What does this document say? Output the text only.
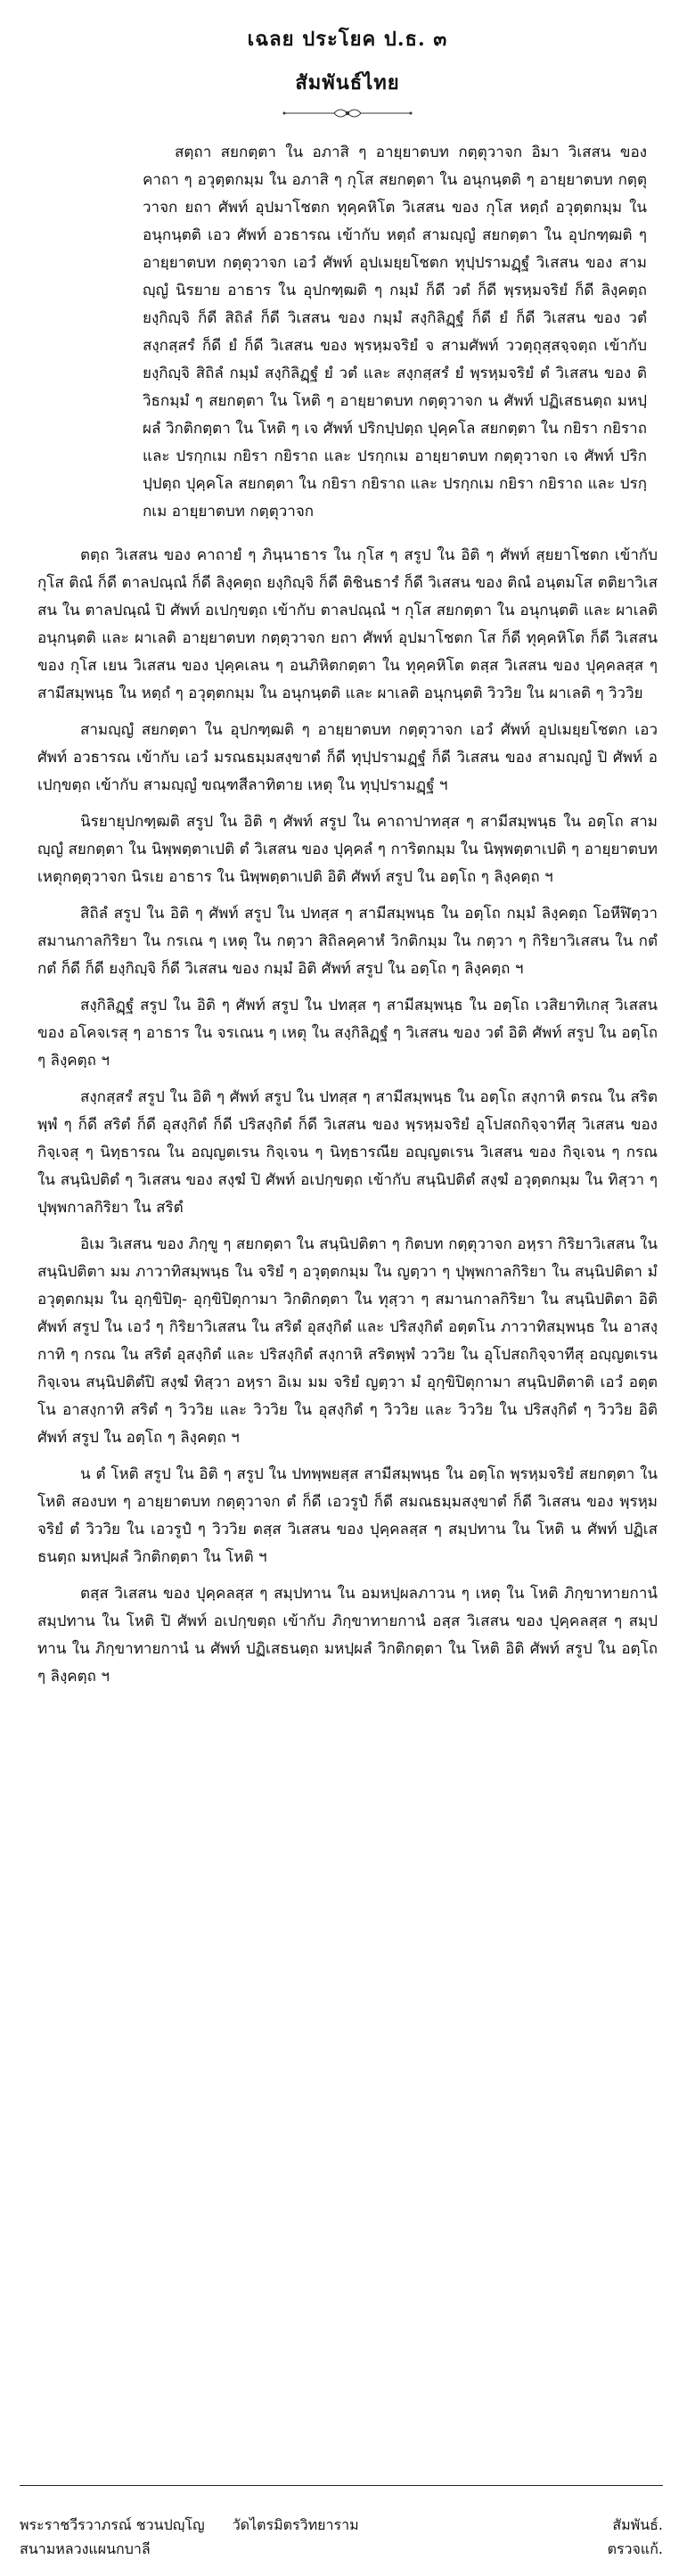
เฉลย ประโยค ป.ธ. ๓
สัมพันธ์ไทย

สตฺถา สยกตฺตา ใน อภาสิ ๆ อายฺยาตบท กตฺตุวาจก อิมา วิเสสน ของ คาถา ๆ อวุตฺตกมฺม ใน อภาสิ ๆ กุโส สยกตฺตา ใน อนุกนฺตติ ๆ อายฺยาตบท กตฺตุวาจก ยถา ศัพท์ อุปมาโชตก ทุคฺคหิโต วิเสสน ของ กุโส หตฺถํ อวุตฺตกมฺม ใน อนุกนฺตติ เอว ศัพท์ อวธารณ เข้ากับ หตฺถํ สามญฺญํ สยกตฺตา ใน อุปกฑฺฒติ ๆ อายฺยาตบท กตฺตุวาจก เอวํ ศัพท์ อุปเมยฺยโชตก ทุปฺปรามฏฺฐํ วิเสสน ของ สามญฺญํ นิรยาย อาธาร ใน อุปกฑฺฒติ ๆ กมฺมํ ก็ดี วตํ ก็ดี พฺรหฺมจริยํ ก็ดี ลิงฺคตฺถ ยงฺกิญฺจิ ก็ดี สิถิลํ ก็ดี วิเสสน ของ กมฺมํ สงฺกิลิฏฺฐํ ก็ดี ยํ ก็ดี วิเสสน ของ วตํ สงฺกสฺสรํ ก็ดี ยํ ก็ดี วิเสสน ของ พฺรหฺมจริยํ จ สามศัพท์ ววตฺถุสฺสจฺจตฺถ เข้ากับ ยงฺกิญฺจิ สิถิลํ กมฺมํ สงฺกิลิฏฺฐํ ยํ วตํ และ สงฺกสฺสรํ ยํ พฺรหฺมจริยํ ตํ วิเสสน ของ ติวิธกมฺมํ ๆ สยกตฺตา ใน โหติ ๆ อายฺยาตบท กตฺตุวาจก น ศัพท์ ปฏิเสธนตฺถ มหปฺผลํ วิกติกตฺตา ใน โหติ ๆ เจ ศัพท์ ปริกปฺปตฺถ ปุคฺคโล สยกตฺตา ใน กยิรา กยิราถ และ ปรกฺกเม กยิรา กยิราถ และ ปรกฺกเม อายฺยาตบท กตฺตุวาจก เจ ศัพท์ ปริกปฺปตฺถ ปุคฺคโล สยกตฺตา ใน กยิรา กยิราถ และ ปรกฺกเม กยิรา กยิราถ และ ปรกฺกเม อายฺยาตบท กตฺตุวาจก

ตตฺถ วิเสสน ของ คาถายํ ๆ ภินฺนาธาร ใน กุโส ๆ สรูป ใน อิติ ๆ ศัพท์ สฺยยาโชตก เข้ากับ กุโส ติณํ ก็ดี ตาลปณฺณํ ก็ดี ลิงฺคตฺถ ยงฺกิญฺจิ ก็ดี ติชินธารํ ก็ดี วิเสสน ของ ติณํ อนฺตมโส ตติยาวิเสสน ใน ตาลปณฺณํ ปิ ศัพท์ อเปกฺขตฺถ เข้ากับ ตาลปณฺณํ ฯ กุโส สยกตฺตา ใน อนุกนฺตติ และ ผาเลติ อนุกนฺตติ และ ผาเลติ อายฺยาตบท กตฺตุวาจก ยถา ศัพท์ อุปมาโชตก โส ก็ดี ทุคฺคหิโต ก็ดี วิเสสน ของ กุโส เยน วิเสสน ของ ปุคฺคเลน ๆ อนภิหิตกตฺตา ใน ทุคฺคหิโต ตสฺส วิเสสน ของ ปุคฺคลสฺส ๆ สามีสมฺพนฺธ ใน หตฺถํ ๆ อวุตฺตกมฺม ใน อนุกนฺตติ และ ผาเลติ อนุกนฺตติ วิววิย ใน ผาเลติ ๆ วิววิย

สามญฺญํ สยกตฺตา ใน อุปกฑฺฒติ ๆ อายฺยาตบท กตฺตุวาจก เอวํ ศัพท์ อุปเมยฺยโชตก เอว ศัพท์ อวธารณ เข้ากับ เอวํ มรณธมฺมสงฺขาตํ ก็ดี ทุปฺปรามฏฺฐํ ก็ดี วิเสสน ของ สามญฺญํ ปิ ศัพท์ อเปกฺขตฺถ เข้ากับ สามญฺญํ ขณฺฑสีลาทิตาย เหตุ ใน ทุปฺปรามฏฺฐํ ฯ

นิรยายุปกฑฺฒติ สรูป ใน อิติ ๆ ศัพท์ สรูป ใน คาถาปาทสฺส ๆ สามีสมฺพนฺธ ใน อตฺโถ สามญฺญํ สยกตฺตา ใน นิพฺพตฺตาเปติ ตํ วิเสสน ของ ปุคฺคลํ ๆ การิตกมฺม ใน นิพฺพตฺตาเปติ ๆ อายฺยาตบท เหตุกตฺตุวาจก นิรเย อาธาร ใน นิพฺพตฺตาเปติ อิติ ศัพท์ สรูป ใน อตฺโถ ๆ ลิงฺคตฺถ ฯ

สิถิลํ สรูป ใน อิติ ๆ ศัพท์ สรูป ใน ปทสฺส ๆ สามีสมฺพนฺธ ใน อตฺโถ กมฺมํ ลิงฺคตฺถ โอหีฬิตฺวา สมานกาลกิริยา ใน กรเณ ๆ เหตุ ใน กตฺวา สิถิลคฺคาหํ วิกติกมฺม ใน กตฺวา ๆ กิริยาวิเสสน ใน กตํ กตํ ก็ดี ก็ดี ยงฺกิญฺจิ ก็ดี วิเสสน ของ กมฺมํ อิติ ศัพท์ สรูป ใน อตฺโถ ๆ ลิงฺคตฺถ ฯ

สงฺกิลิฏฺฐํ สรูป ใน อิติ ๆ ศัพท์ สรูป ใน ปทสฺส ๆ สามีสมฺพนฺธ ใน อตฺโถ เวสิยาทิเกสุ วิเสสน ของ อโคจเรสุ ๆ อาธาร ใน จรเณน ๆ เหตุ ใน สงฺกิลิฏฺฐํ ๆ วิเสสน ของ วตํ อิติ ศัพท์ สรูป ใน อตฺโถ ๆ ลิงฺคตฺถ ฯ

สงฺกสฺสรํ สรูป ใน อิติ ๆ ศัพท์ สรูป ใน ปทสฺส ๆ สามีสมฺพนฺธ ใน อตฺโถ สงฺกาหิ ตรณ ใน สริตพฺพํ ๆ ก็ดี สริตํ ก็ดี อุสงฺกิตํ ก็ดี ปริสงฺกิตํ ก็ดี วิเสสน ของ พฺรหฺมจริยํ อุโปสถกิจฺจาทีสุ วิเสสน ของ กิจฺเจสุ ๆ นิทฺธารณ ใน อญฺญตเรน กิจฺเจน ๆ นิทฺธารณีย อญฺญตเรน วิเสสน ของ กิจฺเจน ๆ กรณ ใน สนฺนิปติตํ ๆ วิเสสน ของ สงฺฆํ ปิ ศัพท์ อเปกฺขตฺถ เข้ากับ สนฺนิปติตํ สงฺฆํ อวุตฺตกมฺม ใน ทิสฺวา ๆ ปุพฺพกาลกิริยา ใน สริตํ

อิเม วิเสสน ของ ภิกฺขู ๆ สยกตฺตา ใน สนฺนิปติตา ๆ กิตบท กตฺตุวาจก อหฺรา กิริยาวิเสสน ใน สนฺนิปติตา มม ภาวาทิสมฺพนฺธ ใน จริยํ ๆ อวุตฺตกมฺม ใน ญตฺวา ๆ ปุพฺพกาลกิริยา ใน สนฺนิปติตา มํ อวุตฺตกมฺม ใน อุกฺขิปิตุ- อุกฺขิปิตุกามา วิกติกตฺตา ใน ทุสฺวา ๆ สมานกาลกิริยา ใน สนฺนิปติตา อิติ ศัพท์ สรูป ใน เอวํ ๆ กิริยาวิเสสน ใน สริตํ อุสงฺกิตํ และ ปริสงฺกิตํ อตฺตโน ภาวาทิสมฺพนฺธ ใน อาสงฺกาทิ ๆ กรณ ใน สริตํ อุสงฺกิตํ และ ปริสงฺกิตํ สงฺกาหิ สริตพฺพํ วววิย ใน อุโปสถกิจฺจาทีสุ อญฺญตเรน กิจฺเจน สนฺนิปติตํปิ สงฺฆํ ทิสฺวา อหฺรา อิเม มม จริยํ ญตฺวา มํ อุกฺขิปิตุกามา สนฺนิปติตาติ เอวํ อตฺตโน อาสงฺกาทิ สริตํ ๆ วิววิย และ วิววิย ใน อุสงฺกิตํ ๆ วิววิย และ วิววิย ใน ปริสงฺกิตํ ๆ วิววิย อิติ ศัพท์ สรูป ใน อตฺโถ ๆ ลิงฺคตฺถ ฯ

น ตํ โหติ สรูป ใน อิติ ๆ สรูป ใน ปทพฺพยสฺส สามีสมฺพนฺธ ใน อตฺโถ พฺรหฺมจริยํ สยกตฺตา ใน โหติ สองบท ๆ อายฺยาตบท กตฺตุวาจก ตํ ก็ดี เอวรูปํ ก็ดี สมณธมฺมสงฺขาตํ ก็ดี วิเสสน ของ พฺรหฺมจริยํ ตํ วิววิย ใน เอวรูปํ ๆ วิววิย ตสฺส วิเสสน ของ ปุคฺคลสฺส ๆ สมฺปทาน ใน โหติ น ศัพท์ ปฏิเสธนตฺถ มหปฺผลํ วิกติกตฺตา ใน โหติ ฯ

ตสฺส วิเสสน ของ ปุคฺคลสฺส ๆ สมฺปทาน ใน อมหปฺผลภาวน ๆ เหตุ ใน โหติ ภิกฺขาทายกานํ สมฺปทาน ใน โหติ ปิ ศัพท์ อเปกฺขตฺถ เข้ากับ ภิกฺขาทายกานํ อสฺส วิเสสน ของ ปุคฺคลสฺส ๆ สมฺปทาน ใน ภิกฺขาทายกานํ น ศัพท์ ปฏิเสธนตฺถ มหปฺผลํ วิกติกตฺตา ใน โหติ อิติ ศัพท์ สรูป ใน อตฺโถ ๆ ลิงฺคตฺถ ฯ

พระราชวีรวาภรณ์ ชวนปญฺโญ วัดไตรมิตรวิทยาราม	สัมพันธ์.
สนามหลวงแผนกบาลี	ตรวจแก้.
